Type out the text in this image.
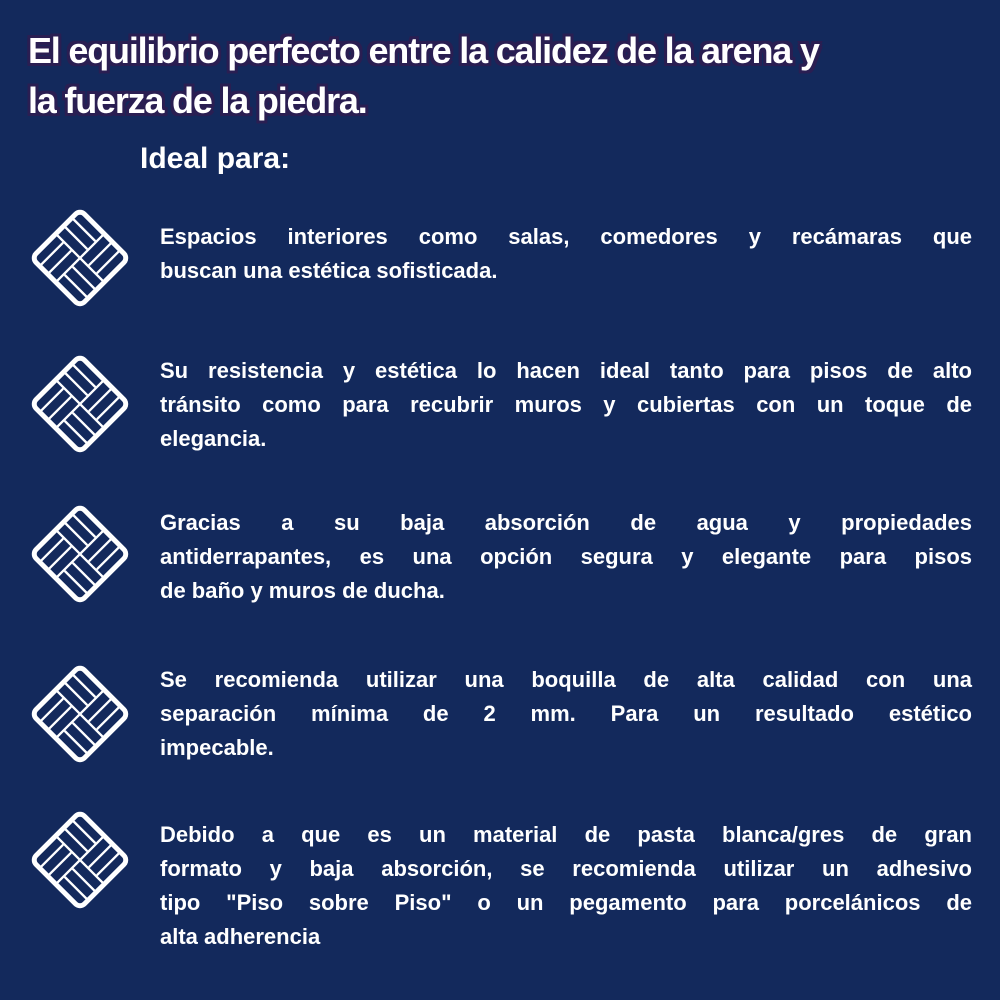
El equilibrio perfecto entre la calidez de la arena y
la fuerza de la piedra.
Ideal para:
Espacios interiores como salas, comedores y recámaras que
buscan una estética sofisticada.
Su resistencia y estética lo hacen ideal tanto para pisos de alto
tránsito como para recubrir muros y cubiertas con un toque de
elegancia.
Gracias a su baja absorción de agua y propiedades
antiderrapantes, es una opción segura y elegante para pisos
de baño y muros de ducha.
Se recomienda utilizar una boquilla de alta calidad con una
separación mínima de 2 mm. Para un resultado estético
impecable.
Debido a que es un material de pasta blanca/gres de gran
formato y baja absorción, se recomienda utilizar un adhesivo
tipo "Piso sobre Piso" o un pegamento para porcelánicos de
alta adherencia
